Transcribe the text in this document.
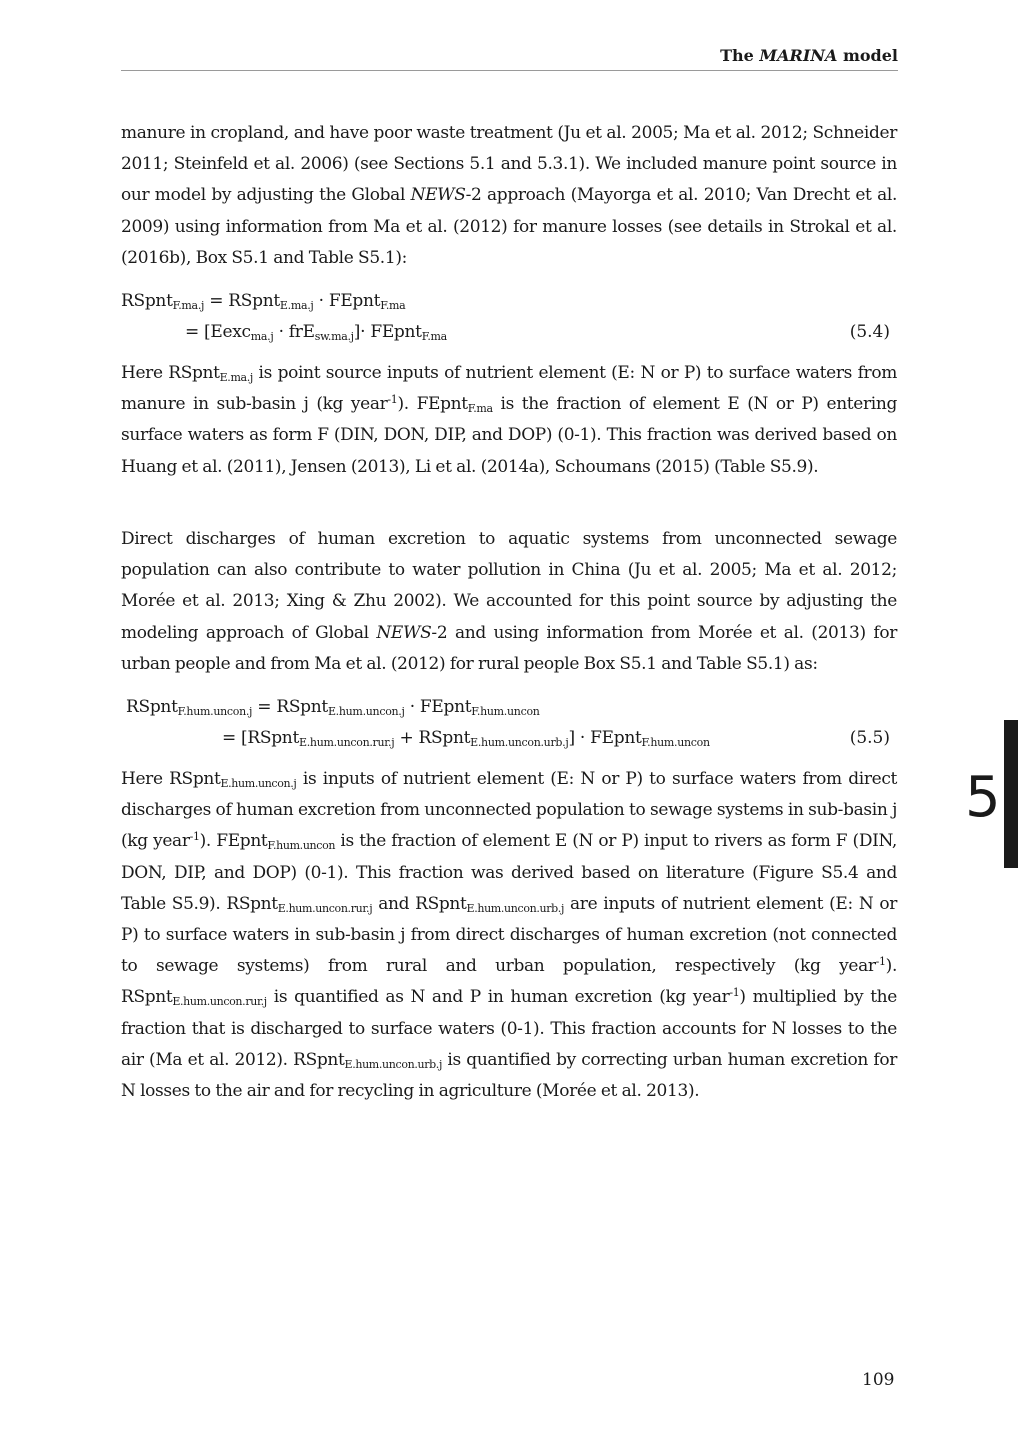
The MARINA model

manure in cropland, and have poor waste treatment (Ju et al. 2005; Ma et al. 2012; Schneider 2011; Steinfeld et al. 2006) (see Sections 5.1 and 5.3.1). We included manure point source in our model by adjusting the Global NEWS-2 approach (Mayorga et al. 2010; Van Drecht et al. 2009) using information from Ma et al. (2012) for manure losses (see details in Strokal et al. (2016b), Box S5.1 and Table S5.1):

RSpnt$_{F.ma.j}$ = RSpnt$_{E.ma.j}$ · FEpnt$_{F.ma}$
= [Eexc$_{ma.j}$ · frE$_{sw.ma.j}$]· FEpnt$_{F.ma}$	(5.4)

Here RSpnt$_{E.ma.j}$ is point source inputs of nutrient element (E: N or P) to surface waters from manure in sub-basin j (kg year$^{-1}$). FEpnt$_{F.ma}$ is the fraction of element E (N or P) entering surface waters as form F (DIN, DON, DIP, and DOP) (0-1). This fraction was derived based on Huang et al. (2011), Jensen (2013), Li et al. (2014a), Schoumans (2015) (Table S5.9).

Direct discharges of human excretion to aquatic systems from unconnected sewage population can also contribute to water pollution in China (Ju et al. 2005; Ma et al. 2012; Morée et al. 2013; Xing & Zhu 2002). We accounted for this point source by adjusting the modeling approach of Global NEWS-2 and using information from Morée et al. (2013) for urban people and from Ma et al. (2012) for rural people Box S5.1 and Table S5.1) as:

RSpnt$_{F.hum.uncon.j}$ = RSpnt$_{E.hum.uncon.j}$ · FEpnt$_{F.hum.uncon}$
= [RSpnt$_{E.hum.uncon.rur.j}$ + RSpnt$_{E.hum.uncon.urb.j}$] · FEpnt$_{F.hum.uncon}$	(5.5)

Here RSpnt$_{E.hum.uncon.j}$ is inputs of nutrient element (E: N or P) to surface waters from direct discharges of human excretion from unconnected population to sewage systems in sub-basin j (kg year$^{-1}$). FEpnt$_{F.hum.uncon}$ is the fraction of element E (N or P) input to rivers as form F (DIN, DON, DIP, and DOP) (0-1). This fraction was derived based on literature (Figure S5.4 and Table S5.9). RSpnt$_{E.hum.uncon.rur.j}$ and RSpnt$_{E.hum.uncon.urb.j}$ are inputs of nutrient element (E: N or P) to surface waters in sub-basin j from direct discharges of human excretion (not connected to sewage systems) from rural and urban population, respectively (kg year$^{-1}$). RSpnt$_{E.hum.uncon.rur.j}$ is quantified as N and P in human excretion (kg year$^{-1}$) multiplied by the fraction that is discharged to surface waters (0-1). This fraction accounts for N losses to the air (Ma et al. 2012). RSpnt$_{E.hum.uncon.urb.j}$ is quantified by correcting urban human excretion for N losses to the air and for recycling in agriculture (Morée et al. 2013).

5
109
